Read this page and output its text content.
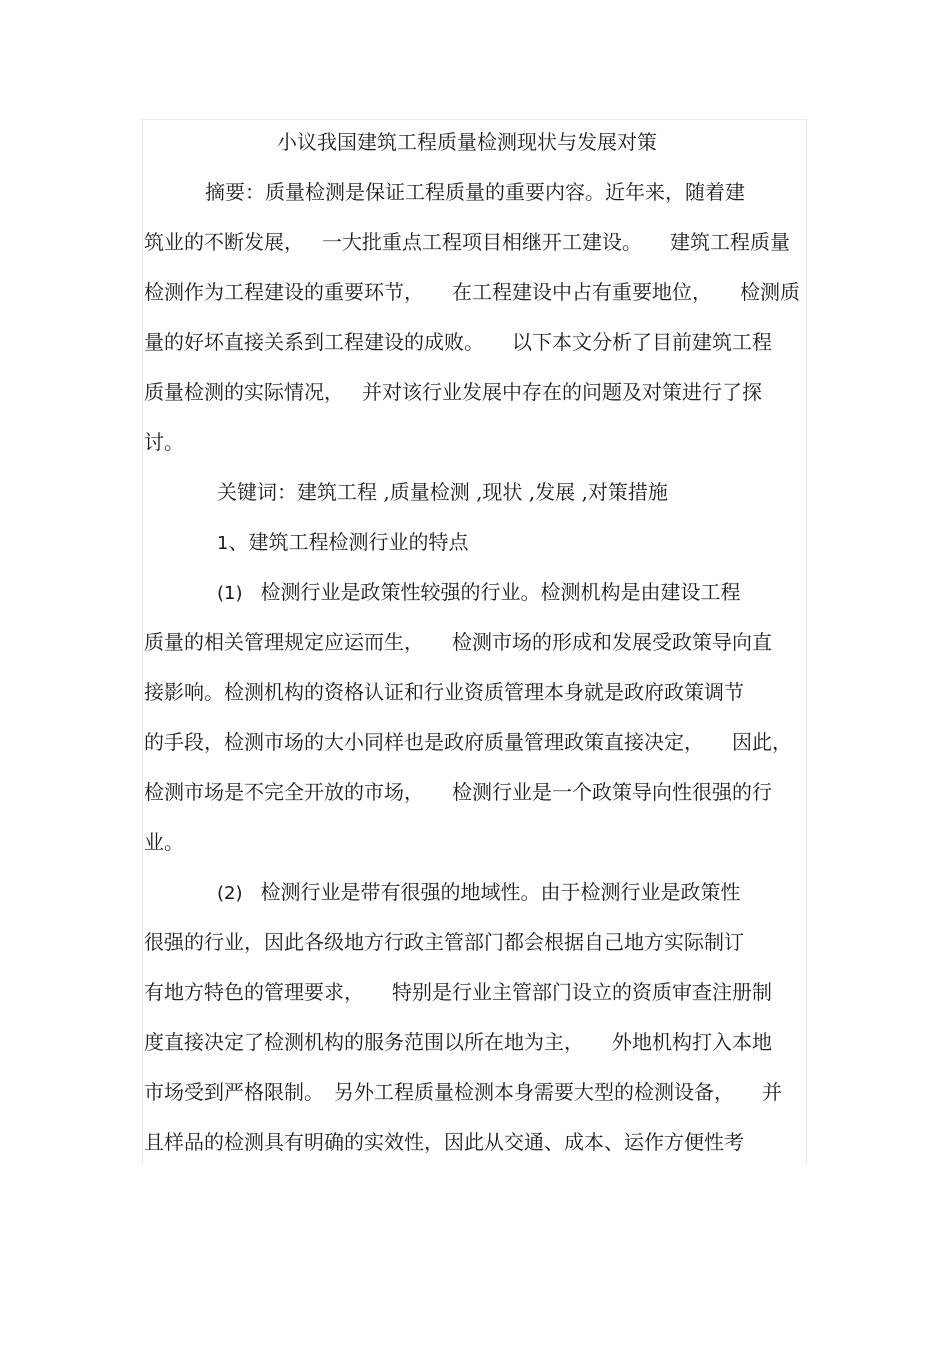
小议我国建筑工程质量检测现状与发展对策
摘要：质量检测是保证工程质量的重要内容。近年来，随着建
筑业的不断发展， 一大批重点工程项目相继开工建设。 建筑工程质量
检测作为工程建设的重要环节， 在工程建设中占有重要地位， 检测质
量的好坏直接关系到工程建设的成败。 以下本文分析了目前建筑工程
质量检测的实际情况， 并对该行业发展中存在的问题及对策进行了探
讨。
关键词：建筑工程 ,质量检测 ,现状 ,发展 ,对策措施
1、建筑工程检测行业的特点
(1) 检测行业是政策性较强的行业。检测机构是由建设工程
质量的相关管理规定应运而生， 检测市场的形成和发展受政策导向直
接影响。检测机构的资格认证和行业资质管理本身就是政府政策调节
的手段，检测市场的大小同样也是政府质量管理政策直接决定， 因此，
检测市场是不完全开放的市场， 检测行业是一个政策导向性很强的行
业。
(2) 检测行业是带有很强的地域性。由于检测行业是政策性
很强的行业，因此各级地方行政主管部门都会根据自己地方实际制订
有地方特色的管理要求， 特别是行业主管部门设立的资质审查注册制
度直接决定了检测机构的服务范围以所在地为主， 外地机构打入本地
市场受到严格限制。 另外工程质量检测本身需要大型的检测设备， 并
且样品的检测具有明确的实效性，因此从交通、成本、运作方便性考
